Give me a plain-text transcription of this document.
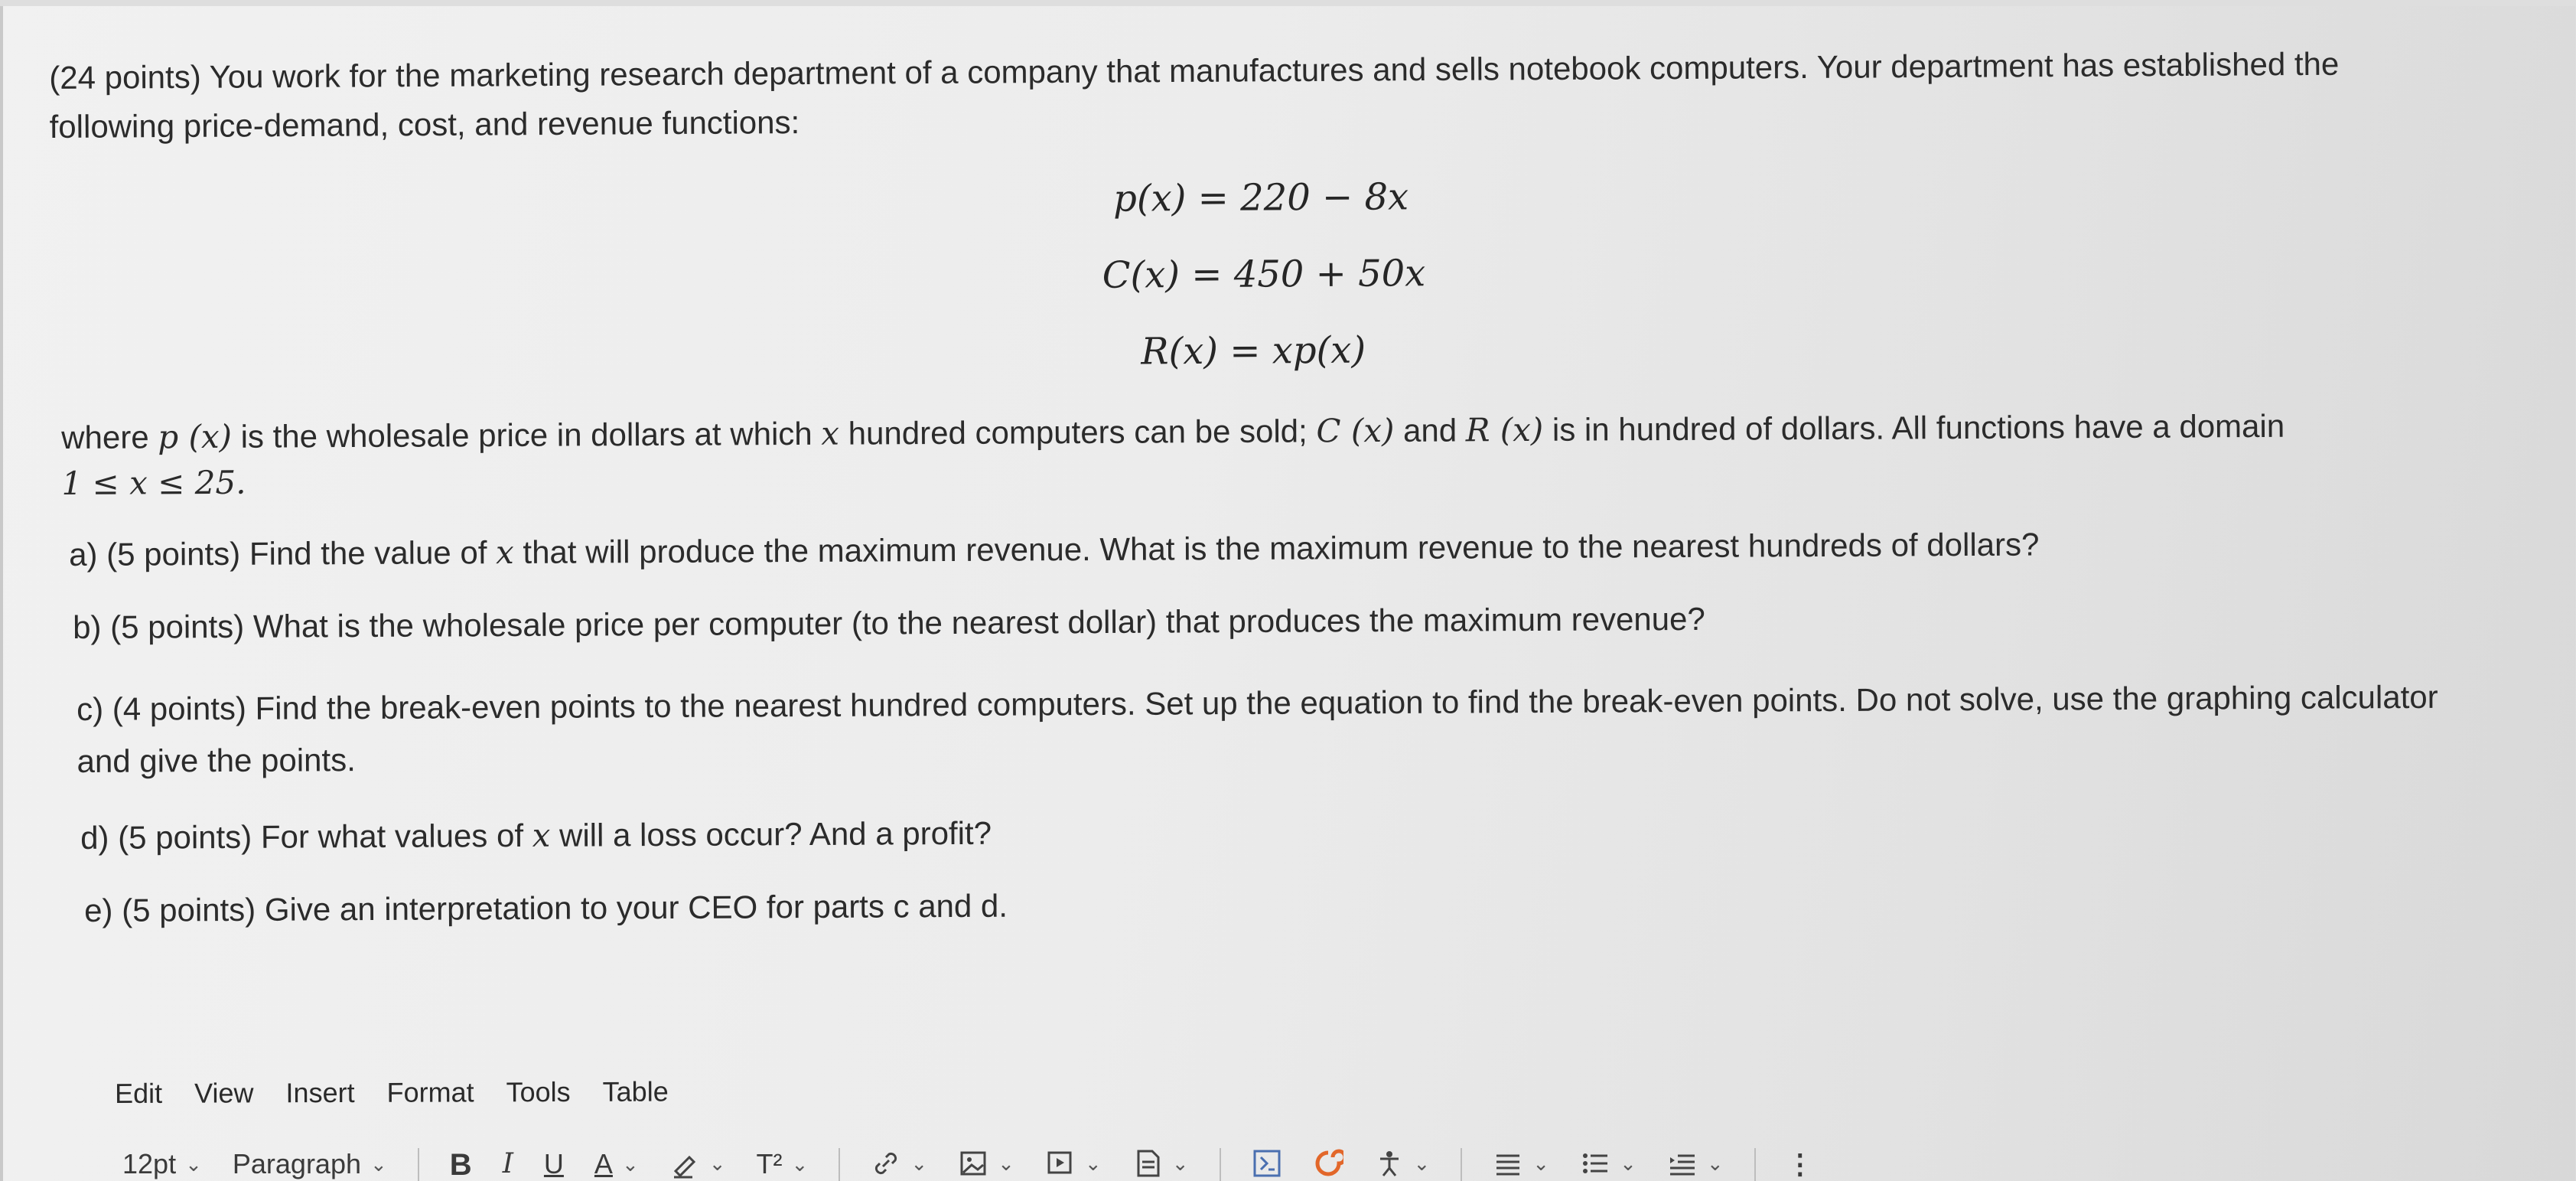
(24 points) You work for the marketing research department of a company that manufactures and sells notebook computers. Your department has established the
following price-demand, cost, and revenue functions:
p(x) = 220 − 8x
C(x) = 450 + 50x
R(x) = xp(x)
where p (x) is the wholesale price in dollars at which x hundred computers can be sold; C (x) and R (x) is in hundred of dollars. All functions have a domain
1 ≤ x ≤ 25.
a) (5 points) Find the value of x that will produce the maximum revenue. What is the maximum revenue to the nearest hundreds of dollars?
b) (5 points) What is the wholesale price per computer (to the nearest dollar) that produces the maximum revenue?
c) (4 points) Find the break-even points to the nearest hundred computers. Set up the equation to find the break-even points. Do not solve, use the graphing calculator and give the points.
d) (5 points) For what values of x will a loss occur? And a profit?
e) (5 points) Give an interpretation to your CEO for parts c and d.
Edit View Insert Format Tools Table
12pt ⌄ Paragraph ⌄ B I U A ⌄	⌄ T² ⌄	⌄	⌄	⌄	⌄	⌄	⌄	⌄	⌄ ⋮
